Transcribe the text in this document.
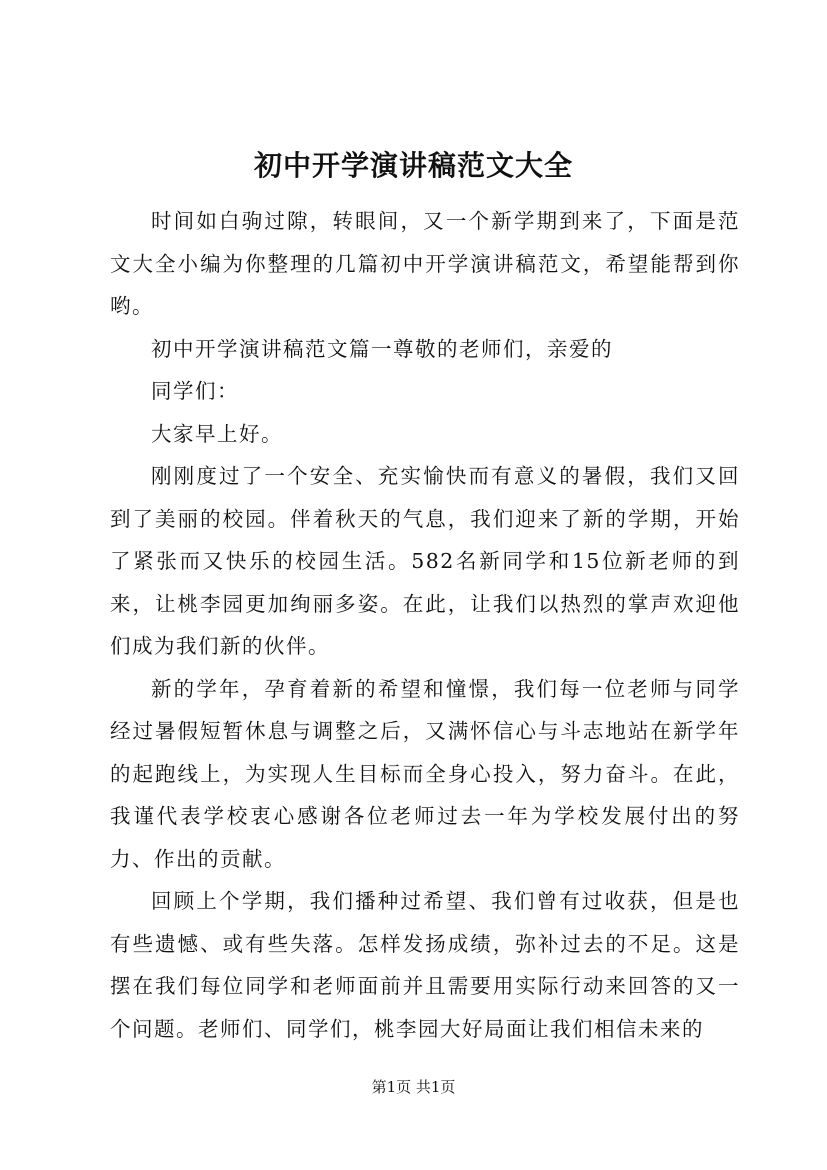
初中开学演讲稿范文大全

时间如白驹过隙，转眼间，又一个新学期到来了，下面是范文大全小编为你整理的几篇初中开学演讲稿范文，希望能帮到你哟。

初中开学演讲稿范文篇一尊敬的老师们，亲爱的

同学们：

大家早上好。

刚刚度过了一个安全、充实愉快而有意义的暑假，我们又回到了美丽的校园。伴着秋天的气息，我们迎来了新的学期，开始了紧张而又快乐的校园生活。582名新同学和15位新老师的到来，让桃李园更加绚丽多姿。在此，让我们以热烈的掌声欢迎他们成为我们新的伙伴。

新的学年，孕育着新的希望和憧憬，我们每一位老师与同学经过暑假短暂休息与调整之后，又满怀信心与斗志地站在新学年的起跑线上，为实现人生目标而全身心投入，努力奋斗。在此，我谨代表学校衷心感谢各位老师过去一年为学校发展付出的努力、作出的贡献。

回顾上个学期，我们播种过希望、我们曾有过收获，但是也有些遗憾、或有些失落。怎样发扬成绩，弥补过去的不足。这是摆在我们每位同学和老师面前并且需要用实际行动来回答的又一个问题。老师们、同学们，桃李园大好局面让我们相信未来的

第1页 共1页
